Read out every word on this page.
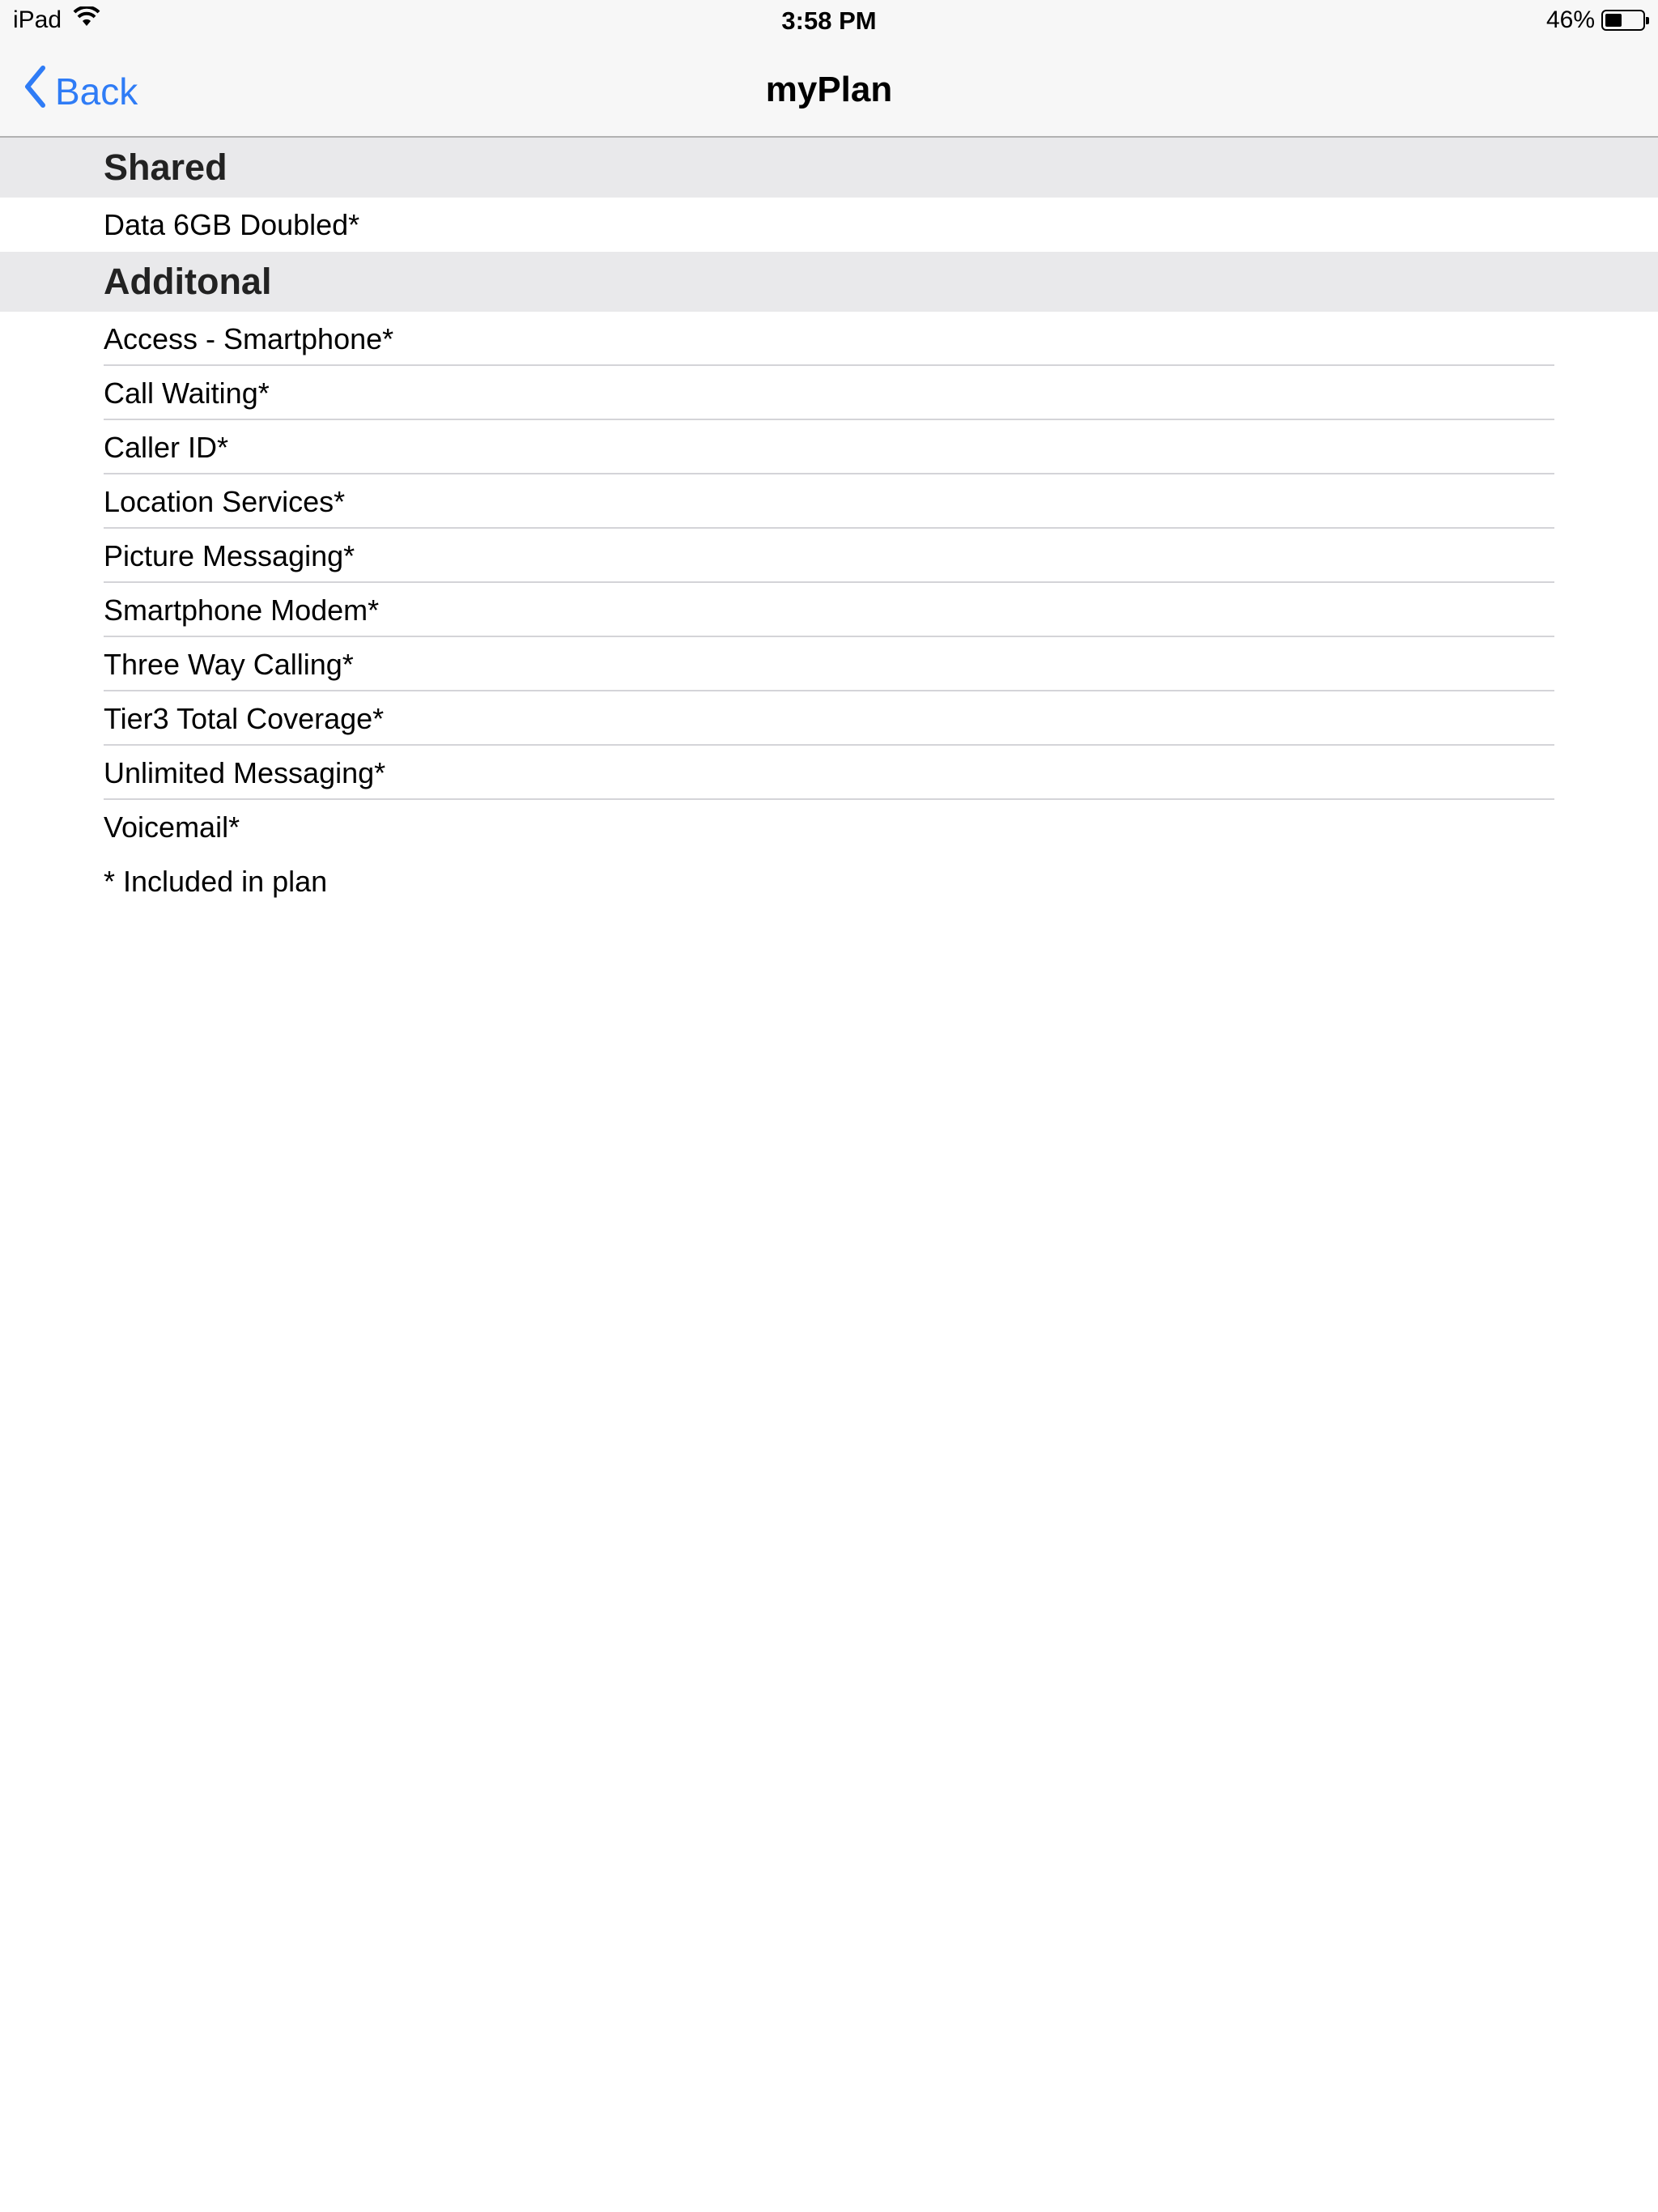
iPad	3:58 PM	46%
Back	myPlan
Shared
Data 6GB Doubled*
Additonal
Access - Smartphone*
Call Waiting*
Caller ID*
Location Services*
Picture Messaging*
Smartphone Modem*
Three Way Calling*
Tier3 Total Coverage*
Unlimited Messaging*
Voicemail*
* Included in plan
